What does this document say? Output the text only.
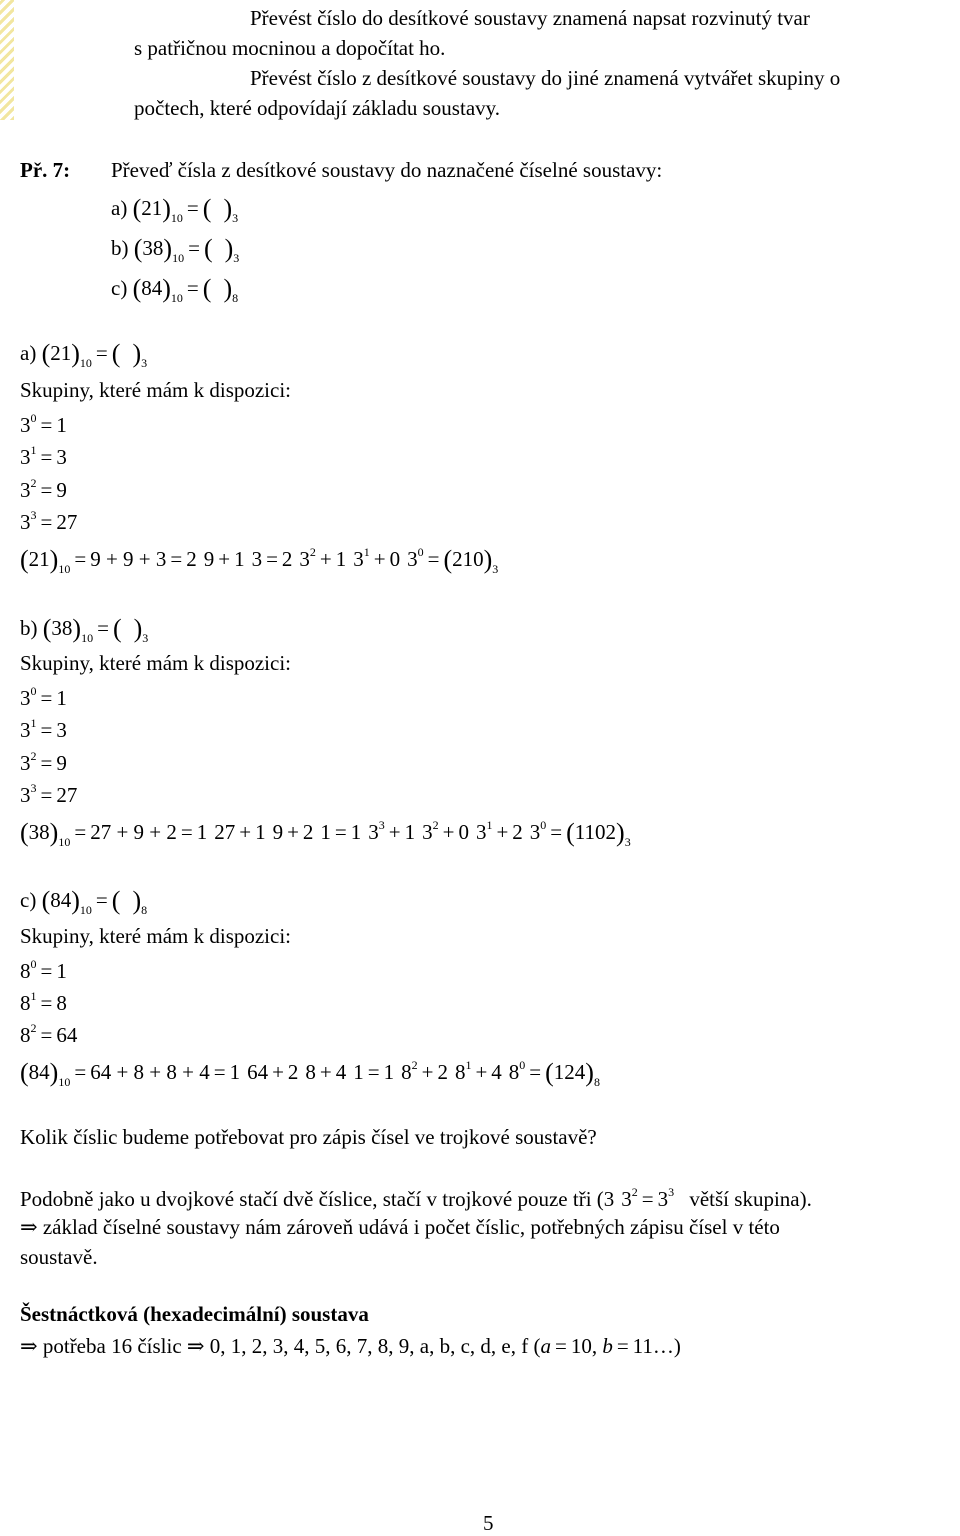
Převést číslo do desítkové soustavy znamená napsat rozvinutý tvar
s patřičnou mocninou a dopočítat ho.
Převést číslo z desítkové soustavy do jiné znamená vytvářet skupiny o
počtech, které odpovídají základu soustavy.
Př. 7: Převeď čísla z desítkové soustavy do naznačené číselné soustavy:
a) $(21)_{10}$ = ( )$_3$
b) $(38)_{10}$ = ( )$_3$
c) $(84)_{10}$ = ( )$_8$
a) $(21)_{10}$ = ( )$_3$
Skupiny, které mám k dispozici:
$3^0 = 1$
$3^1 = 3$
$3^2 = 9$
$3^3 = 27$
$(21)_{10} = 9 + 9 + 3 = 2$ 9 + 1 3 = 2 $3^2 + 1$ $3^1 + 0$ $3^0 = (210)_3$
b) $(38)_{10}$ = ( )$_3$
Skupiny, které mám k dispozici:
$3^0 = 1$
$3^1 = 3$
$3^2 = 9$
$3^3 = 27$
$(38)_{10} = 27 + 9 + 2 = 1$ 27 + 1 9 + 2 1 = 1 $3^3 + 1$ $3^2 + 0$ $3^1 + 2$ $3^0 = (1102)_3$
c) $(84)_{10}$ = ( )$_8$
Skupiny, které mám k dispozici:
$8^0 = 1$
$8^1 = 8$
$8^2 = 64$
$(84)_{10} = 64 + 8 + 8 + 4 = 1$ 64 + 2 8 + 4 1 = 1 $8^2 + 2$ $8^1 + 4$ $8^0 = (124)_8$
Kolik číslic budeme potřebovat pro zápis čísel ve trojkové soustavě?
Podobně jako u dvojkové stačí dvě číslice, stačí v trojkové pouze tři (3 $3^2 = 3^3$ větší skupina).
⇒ základ číselné soustavy nám zároveň udává i počet číslic, potřebných zápisu čísel v této
soustavě.
Šestnáctková (hexadecimální) soustava
⇒ potřeba 16 číslic ⇒ 0, 1, 2, 3, 4, 5, 6, 7, 8, 9, a, b, c, d, e, f (a = 10, b = 11…)
5
